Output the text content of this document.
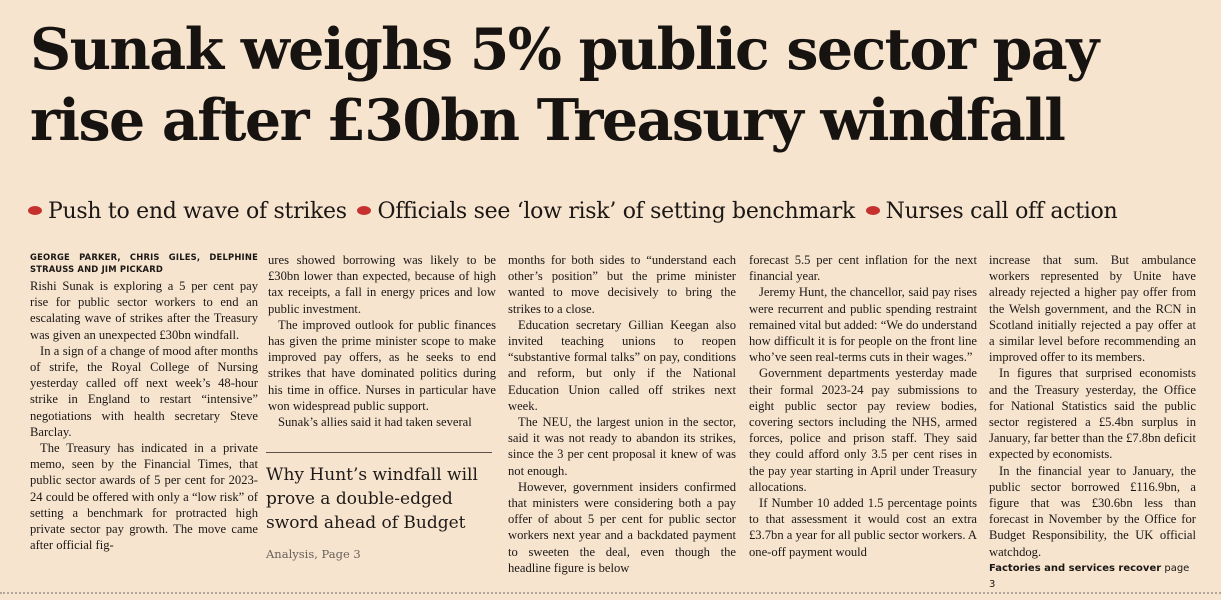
Sunak weighs 5% public sector pay rise after £30bn Treasury windfall
Push to end wave of strikes Officials see ‘low risk’ of setting benchmark Nurses call off action
GEORGE PARKER, CHRIS GILES, DELPHINE STRAUSS AND JIM PICKARD

Rishi Sunak is exploring a 5 per cent pay rise for public sector workers to end an escalating wave of strikes after the Treasury was given an unexpected £30bn windfall.

In a sign of a change of mood after months of strife, the Royal College of Nursing yesterday called off next week’s 48-hour strike in England to restart “intensive” negotiations with health secretary Steve Barclay.

The Treasury has indicated in a private memo, seen by the Financial Times, that public sector awards of 5 per cent for 2023-24 could be offered with only a “low risk” of setting a benchmark for protracted high private sector pay growth. The move came after official fig-

ures showed borrowing was likely to be £30bn lower than expected, because of high tax receipts, a fall in energy prices and low public investment.

The improved outlook for public finances has given the prime minister scope to make improved pay offers, as he seeks to end strikes that have dominated politics during his time in office. Nurses in particular have won widespread public support.

Sunak’s allies said it had taken several

Why Hunt’s windfall will prove a double-edged sword ahead of Budget
Analysis, Page 3

months for both sides to “understand each other’s position” but the prime minister wanted to move decisively to bring the strikes to a close.

Education secretary Gillian Keegan also invited teaching unions to reopen “substantive formal talks” on pay, conditions and reform, but only if the National Education Union called off strikes next week.

The NEU, the largest union in the sector, said it was not ready to abandon its strikes, since the 3 per cent proposal it knew of was not enough.

However, government insiders confirmed that ministers were considering both a pay offer of about 5 per cent for public sector workers next year and a backdated payment to sweeten the deal, even though the headline figure is below

forecast 5.5 per cent inflation for the next financial year.

Jeremy Hunt, the chancellor, said pay rises were recurrent and public spending restraint remained vital but added: “We do understand how difficult it is for people on the front line who’ve seen real-terms cuts in their wages.”

Government departments yesterday made their formal 2023-24 pay submissions to eight public sector pay review bodies, covering sectors including the NHS, armed forces, police and prison staff. They said they could afford only 3.5 per cent rises in the pay year starting in April under Treasury allocations.

If Number 10 added 1.5 percentage points to that assessment it would cost an extra £3.7bn a year for all public sector workers. A one-off payment would

increase that sum. But ambulance workers represented by Unite have already rejected a higher pay offer from the Welsh government, and the RCN in Scotland initially rejected a pay offer at a similar level before recommending an improved offer to its members.

In figures that surprised economists and the Treasury yesterday, the Office for National Statistics said the public sector registered a £5.4bn surplus in January, far better than the £7.8bn deficit expected by economists.

In the financial year to January, the public sector borrowed £116.9bn, a figure that was £30.6bn less than forecast in November by the Office for Budget Responsibility, the UK official watchdog.

Factories and services recover page 3
